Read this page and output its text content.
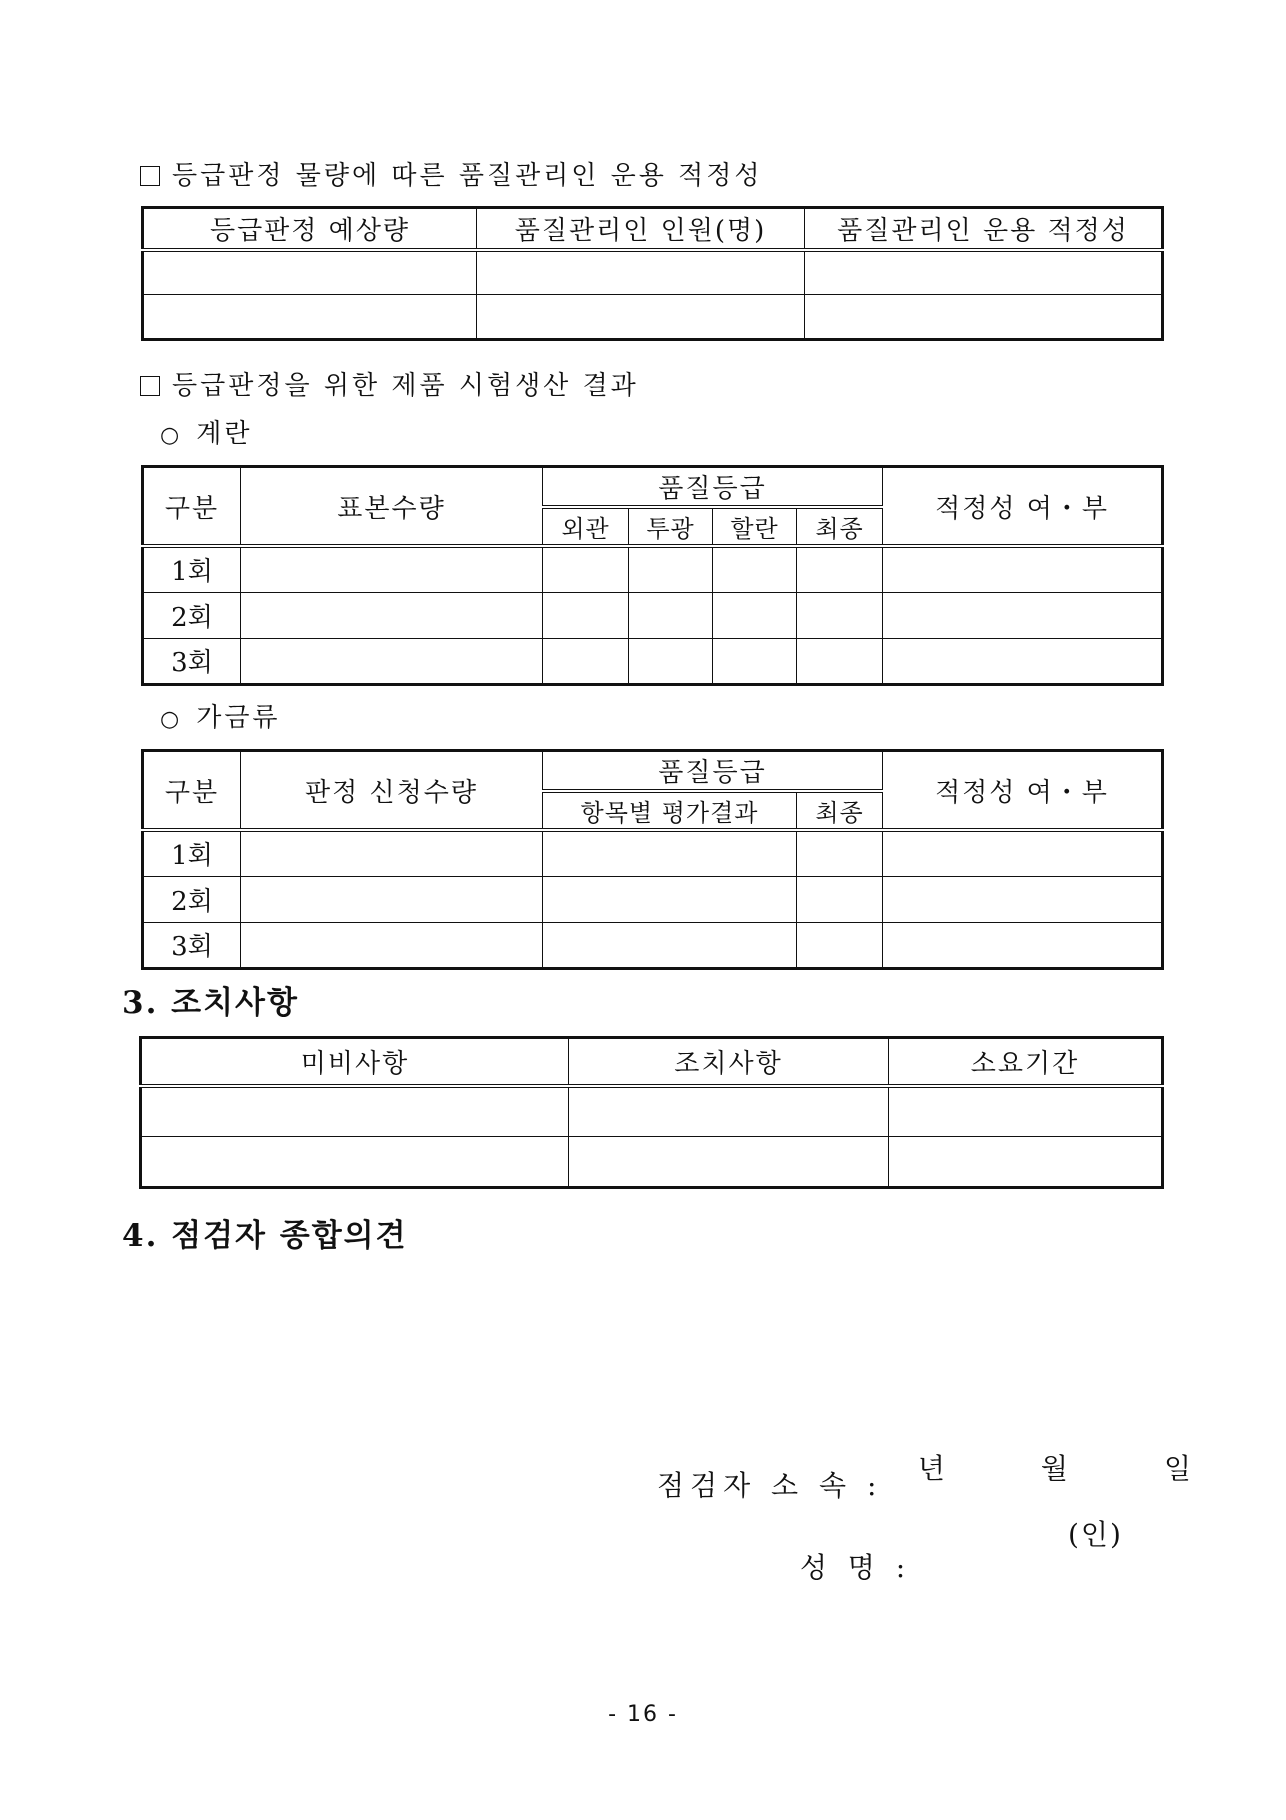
등급판정 물량에 따른 품질관리인 운용 적정성
등급판정 예상량	품질관리인 인원(명)	품질관리인 운용 적정성

등급판정을 위한 제품 시험생산 결과
○ 계란
구분	표본수량	품질등급				적정성 여・부
		외관	투광	할란	최종	
1회						
2회						
3회						
○ 가금류
구분	판정 신청수량	품질등급		적정성 여・부
		항목별 평가결과	최종	
1회				
2회				
3회				
3. 조치사항
미비사항	조치사항	소요기간

4. 점검자 종합의견

년	월	일

점검자 소 속 :

성 명 :

(인)
- 16 -
